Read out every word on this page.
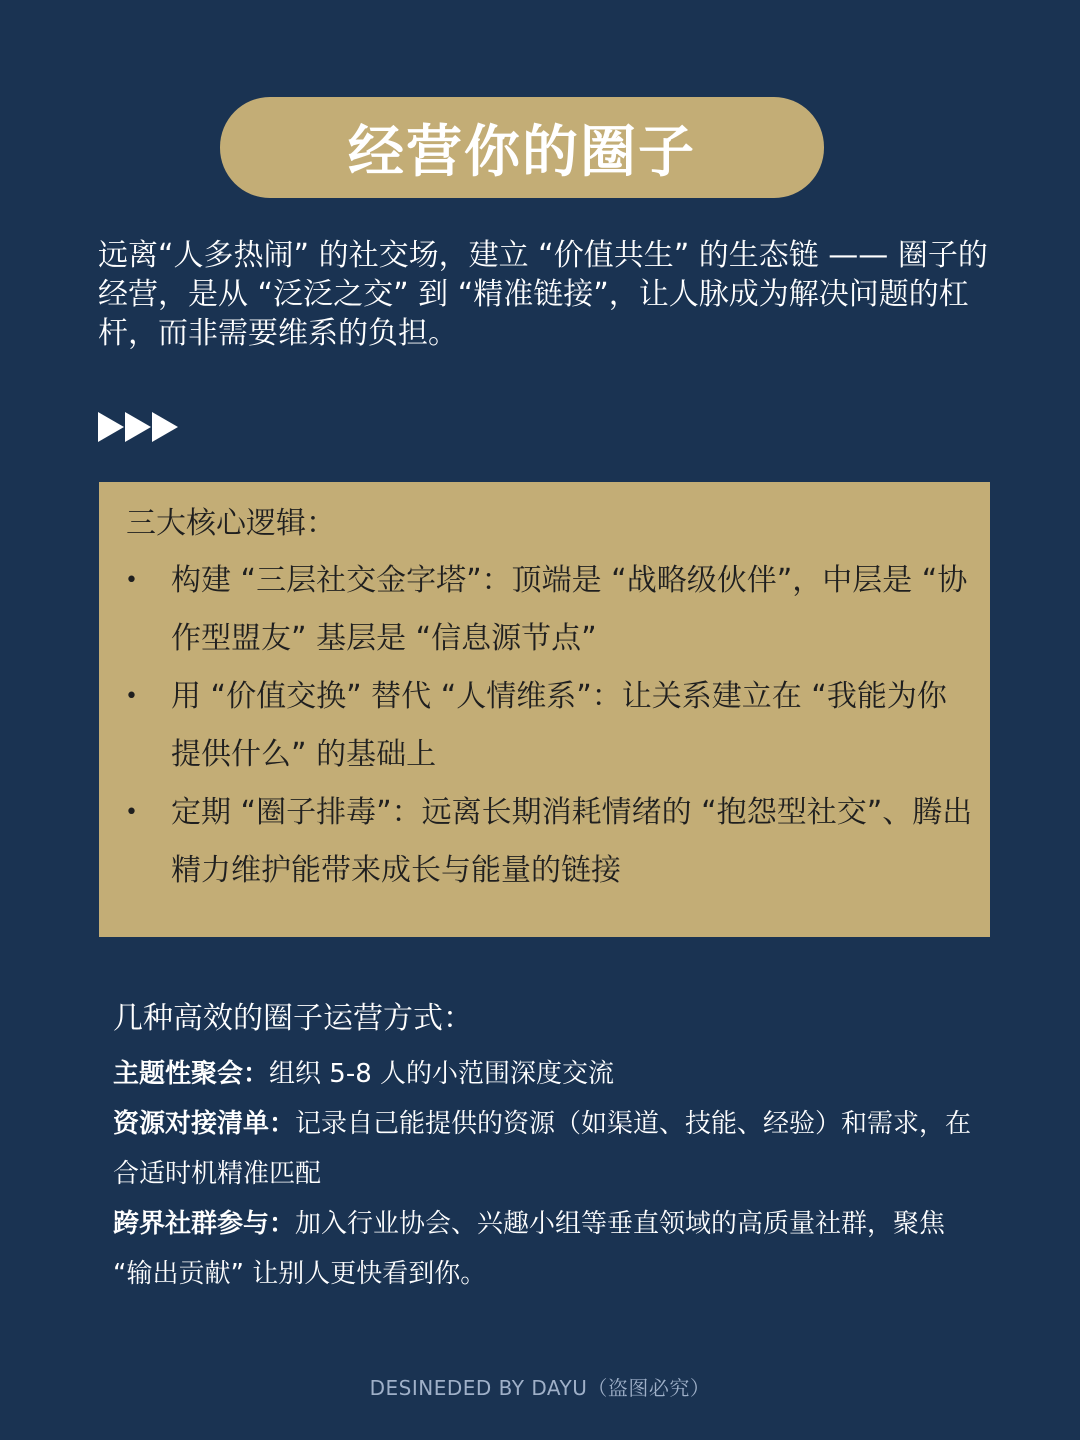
经营你的圈子

远离“人多热闹” 的社交场，建立 “价值共生” 的生态链 —— 圈子的经营，是从 “泛泛之交” 到 “精准链接”，让人脉成为解决问题的杠杆，而非需要维系的负担。

三大核心逻辑：
• 构建 “三层社交金字塔”：顶端是 “战略级伙伴”，中层是 “协作型盟友” 基层是 “信息源节点”
• 用 “价值交换” 替代 “人情维系”：让关系建立在 “我能为你提供什么” 的基础上
• 定期 “圈子排毒”：远离长期消耗情绪的 “抱怨型社交”、腾出精力维护能带来成长与能量的链接
几种高效的圈子运营方式：

主题性聚会：组织 5-8 人的小范围深度交流

资源对接清单：记录自己能提供的资源（如渠道、技能、经验）和需求，在合适时机精准匹配

跨界社群参与：加入行业协会、兴趣小组等垂直领域的高质量社群，聚焦 “输出贡献” 让别人更快看到你。

DESINEDED BY DAYU（盗图必究）
